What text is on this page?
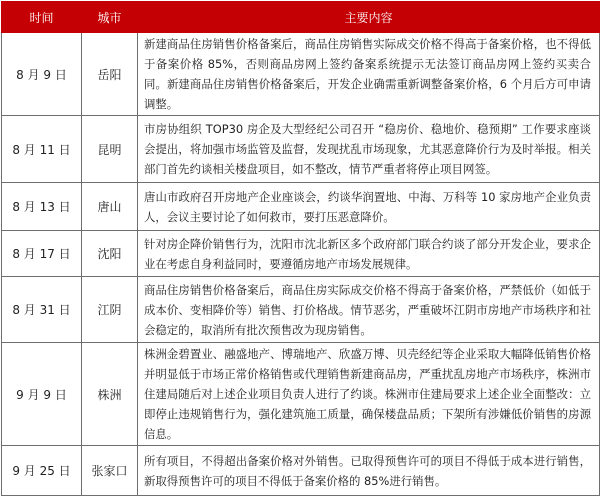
时间	城市	主要内容
8 月 9 日	岳阳	新建商品住房销售价格备案后，商品住房销售实际成交价格不得高于备案价格，也不得低于备案价格 85%，否则商品房网上签约备案系统提示无法签订商品房网上签约买卖合同。新建商品住房销售价格备案后，开发企业确需重新调整备案价格，6 个月后方可申请调整。
8 月 11 日	昆明	市房协组织 TOP30 房企及大型经纪公司召开 “稳房价、稳地价、稳预期” 工作要求座谈会提出，将加强市场监管及监督，发现扰乱市场现象，尤其恶意降价行为及时举报。相关部门首先约谈相关楼盘项目，如不整改，情节严重者将停止项目网签。
8 月 13 日	唐山	唐山市政府召开房地产企业座谈会，约谈华润置地、中海、万科等 10 家房地产企业负责人，会议主要讨论了如何救市，要打压恶意降价。
8 月 17 日	沈阳	针对房企降价销售行为，沈阳市沈北新区多个政府部门联合约谈了部分开发企业，要求企业在考虑自身利益同时，要遵循房地产市场发展规律。
8 月 31 日	江阴	商品住房销售价格备案后，商品住房实际成交价格不得高于备案价格，严禁低价（如低于成本价、变相降价等）销售、打价格战。情节恶劣，严重破坏江阴市房地产市场秩序和社会稳定的，取消所有批次预售改为现房销售。
9 月 9 日	株洲	株洲金碧置业、融盛地产、博瑞地产、欣盛万博、贝壳经纪等企业采取大幅降低销售价格并明显低于市场正常价格销售或代理销售新建商品房，严重扰乱房地产市场秩序，株洲市住建局随后对上述企业项目负责人进行了约谈。株洲市住建局要求上述企业全面整改：立即停止违规销售行为，强化建筑施工质量，确保楼盘品质；下架所有涉嫌低价销售的房源信息。
9 月 25 日	张家口	所有项目，不得超出备案价格对外销售。已取得预售许可的项目不得低于成本进行销售，新取得预售许可的项目不得低于备案价格的 85%进行销售。
